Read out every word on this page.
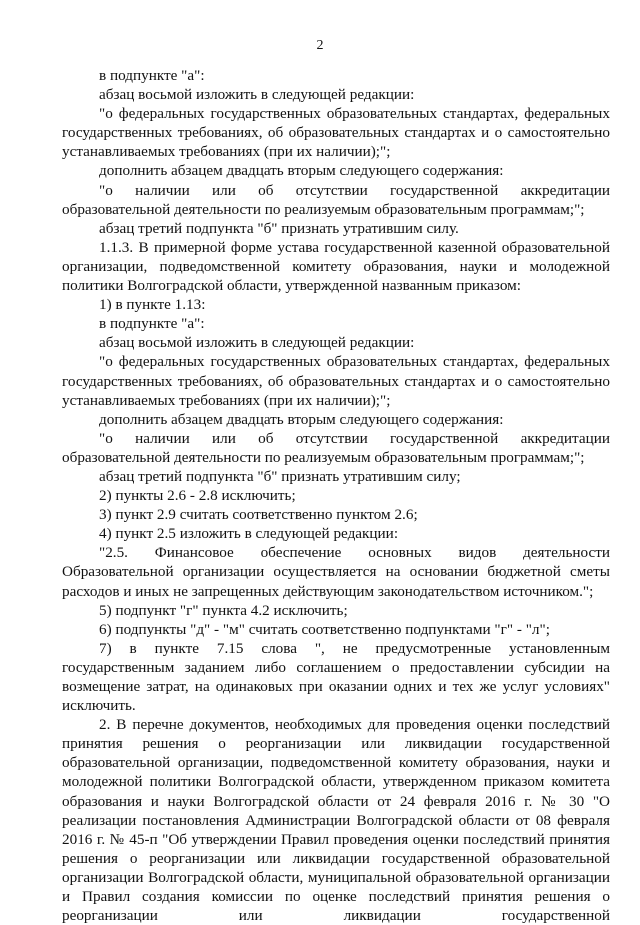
2

в подпункте "а":

абзац восьмой изложить в следующей редакции:

"о федеральных государственных образовательных стандартах, федеральных государственных требованиях, об образовательных стандартах и о самостоятельно устанавливаемых требованиях (при их наличии);";

дополнить абзацем двадцать вторым следующего содержания:

"о наличии или об отсутствии государственной аккредитации образовательной деятельности по реализуемым образовательным программам;";

абзац третий подпункта "б" признать утратившим силу.

1.1.3. В примерной форме устава государственной казенной образовательной организации, подведомственной комитету образования, науки и молодежной политики Волгоградской области, утвержденной названным приказом:

1) в пункте 1.13:

в подпункте "а":

абзац восьмой изложить в следующей редакции:

"о федеральных государственных образовательных стандартах, федеральных государственных требованиях, об образовательных стандартах и о самостоятельно устанавливаемых требованиях (при их наличии);";

дополнить абзацем двадцать вторым следующего содержания:

"о наличии или об отсутствии государственной аккредитации образовательной деятельности по реализуемым образовательным программам;";

абзац третий подпункта "б" признать утратившим силу;

2) пункты 2.6 - 2.8 исключить;

3) пункт 2.9 считать соответственно пунктом 2.6;

4) пункт 2.5 изложить в следующей редакции:

"2.5. Финансовое обеспечение основных видов деятельности Образовательной организации осуществляется на основании бюджетной сметы расходов и иных не запрещенных действующим законодательством источником.";

5) подпункт "г" пункта 4.2 исключить;

6) подпункты "д" - "м" считать соответственно подпунктами "г" - "л";

7) в пункте 7.15 слова ", не предусмотренные установленным государственным заданием либо соглашением о предоставлении субсидии на возмещение затрат, на одинаковых при оказании одних и тех же услуг условиях" исключить.

2. В перечне документов, необходимых для проведения оценки последствий принятия решения о реорганизации или ликвидации государственной образовательной организации, подведомственной комитету образования, науки и молодежной политики Волгоградской области, утвержденном приказом комитета образования и науки Волгоградской области от 24 февраля 2016 г. № 30 "О реализации постановления Администрации Волгоградской области от 08 февраля 2016 г. № 45-п "Об утверждении Правил проведения оценки последствий принятия решения о реорганизации или ликвидации государственной образовательной организации Волгоградской области, муниципальной образовательной организации и Правил создания комиссии по оценке последствий принятия решения о реорганизации или ликвидации государственной
